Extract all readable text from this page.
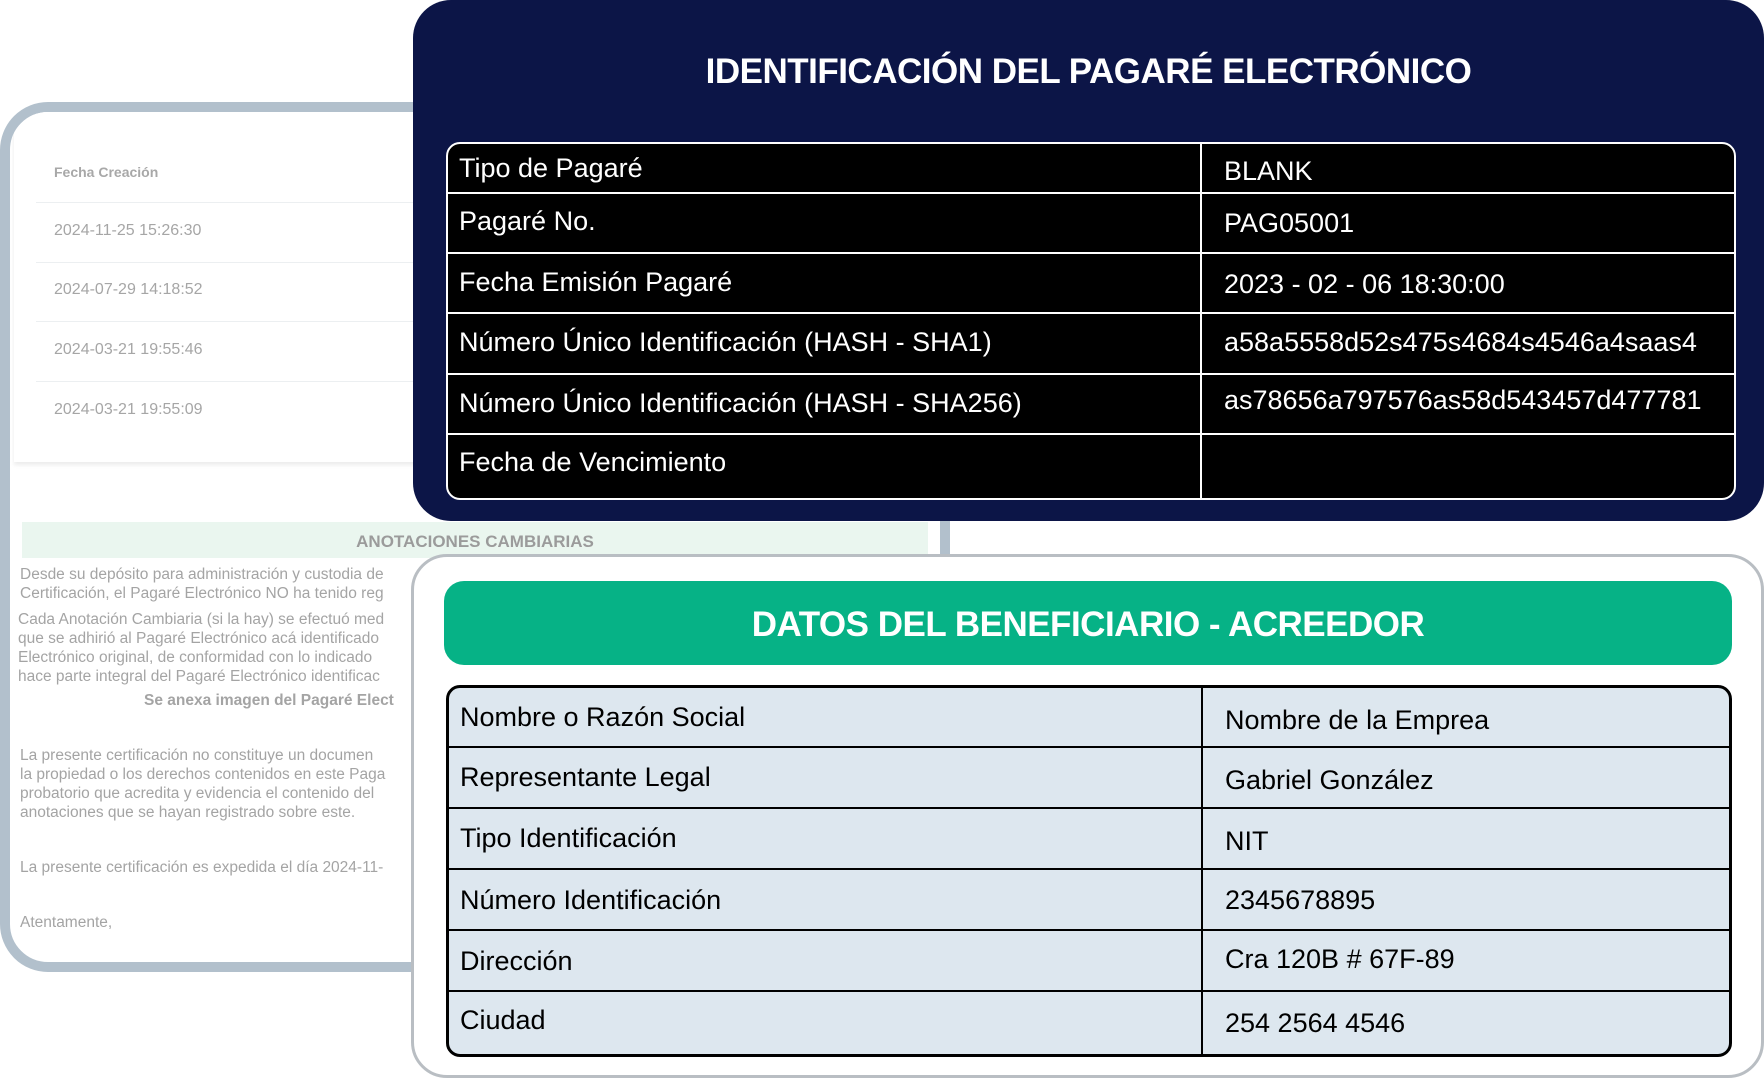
Fecha Creación
2024-11-25 15:26:30
2024-07-29 14:18:52
2024-03-21 19:55:46
2024-03-21 19:55:09
ANOTACIONES CAMBIARIAS
Desde su depósito para administración y custodia de
Certificación, el Pagaré Electrónico NO ha tenido reg
Cada Anotación Cambiaria (si la hay) se efectuó med
que se adhirió al Pagaré Electrónico acá identificado
Electrónico original, de conformidad con lo indicado
hace parte integral del Pagaré Electrónico identificac
Se anexa imagen del Pagaré Elect
La presente certificación no constituye un documen
la propiedad o los derechos contenidos en este Paga
probatorio que acredita y evidencia el contenido del
anotaciones que se hayan registrado sobre este.
La presente certificación es expedida el día 2024-11-
Atentamente,
IDENTIFICACIÓN DEL PAGARÉ ELECTRÓNICO
Tipo de Pagaré	BLANK
Pagaré No.	PAG05001
Fecha Emisión Pagaré	2023 - 02 - 06 18:30:00
Número Único Identificación (HASH - SHA1)	a58a5558d52s475s4684s4546a4saas4
Número Único Identificación (HASH - SHA256)	as78656a797576as58d543457d477781
Fecha de Vencimiento
DATOS DEL BENEFICIARIO - ACREEDOR
Nombre o Razón Social	Nombre de la Emprea
Representante Legal	Gabriel González
Tipo Identificación	NIT
Número Identificación	2345678895
Dirección	Cra 120B # 67F-89
Ciudad	254 2564 4546
